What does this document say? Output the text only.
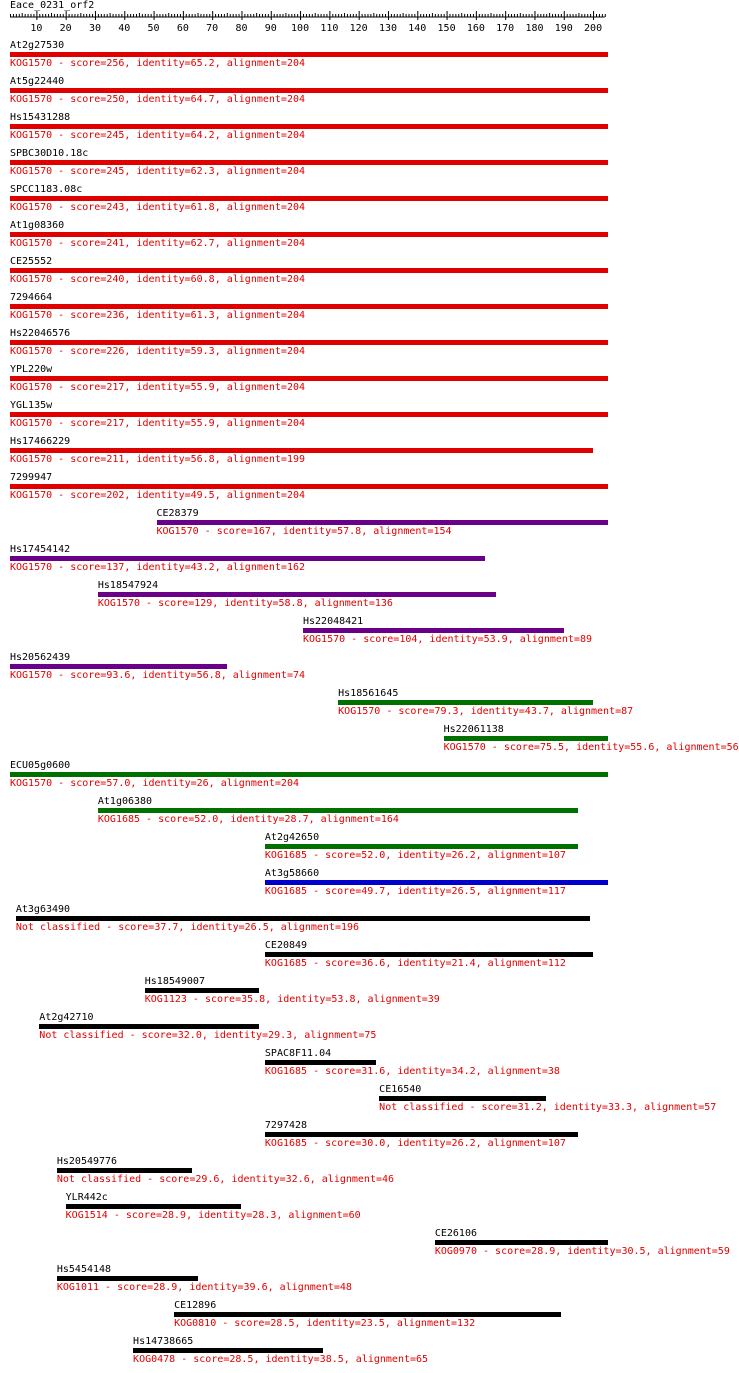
Eace_0231_orf2
10 20 30 40 50 60 70 80 90 100 110 120 130 140 150 160 170 180 190 200
At2g27530
KOG1570 - score=256, identity=65.2, alignment=204
At5g22440
KOG1570 - score=250, identity=64.7, alignment=204
Hs15431288
KOG1570 - score=245, identity=64.2, alignment=204
SPBC30D10.18c
KOG1570 - score=245, identity=62.3, alignment=204
SPCC1183.08c
KOG1570 - score=243, identity=61.8, alignment=204
At1g08360
KOG1570 - score=241, identity=62.7, alignment=204
CE25552
KOG1570 - score=240, identity=60.8, alignment=204
7294664
KOG1570 - score=236, identity=61.3, alignment=204
Hs22046576
KOG1570 - score=226, identity=59.3, alignment=204
YPL220w
KOG1570 - score=217, identity=55.9, alignment=204
YGL135w
KOG1570 - score=217, identity=55.9, alignment=204
Hs17466229
KOG1570 - score=211, identity=56.8, alignment=199
7299947
KOG1570 - score=202, identity=49.5, alignment=204
CE28379
KOG1570 - score=167, identity=57.8, alignment=154
Hs17454142
KOG1570 - score=137, identity=43.2, alignment=162
Hs18547924
KOG1570 - score=129, identity=58.8, alignment=136
Hs22048421
KOG1570 - score=104, identity=53.9, alignment=89
Hs20562439
KOG1570 - score=93.6, identity=56.8, alignment=74
Hs18561645
KOG1570 - score=79.3, identity=43.7, alignment=87
Hs22061138
KOG1570 - score=75.5, identity=55.6, alignment=56
ECU05g0600
KOG1570 - score=57.0, identity=26, alignment=204
At1g06380
KOG1685 - score=52.0, identity=28.7, alignment=164
At2g42650
KOG1685 - score=52.0, identity=26.2, alignment=107
At3g58660
KOG1685 - score=49.7, identity=26.5, alignment=117
At3g63490
Not classified - score=37.7, identity=26.5, alignment=196
CE20849
KOG1685 - score=36.6, identity=21.4, alignment=112
Hs18549007
KOG1123 - score=35.8, identity=53.8, alignment=39
At2g42710
Not classified - score=32.0, identity=29.3, alignment=75
SPAC8F11.04
KOG1685 - score=31.6, identity=34.2, alignment=38
CE16540
Not classified - score=31.2, identity=33.3, alignment=57
7297428
KOG1685 - score=30.0, identity=26.2, alignment=107
Hs20549776
Not classified - score=29.6, identity=32.6, alignment=46
YLR442c
KOG1514 - score=28.9, identity=28.3, alignment=60
CE26106
KOG0970 - score=28.9, identity=30.5, alignment=59
Hs5454148
KOG1011 - score=28.9, identity=39.6, alignment=48
CE12896
KOG0810 - score=28.5, identity=23.5, alignment=132
Hs14738665
KOG0478 - score=28.5, identity=38.5, alignment=65
